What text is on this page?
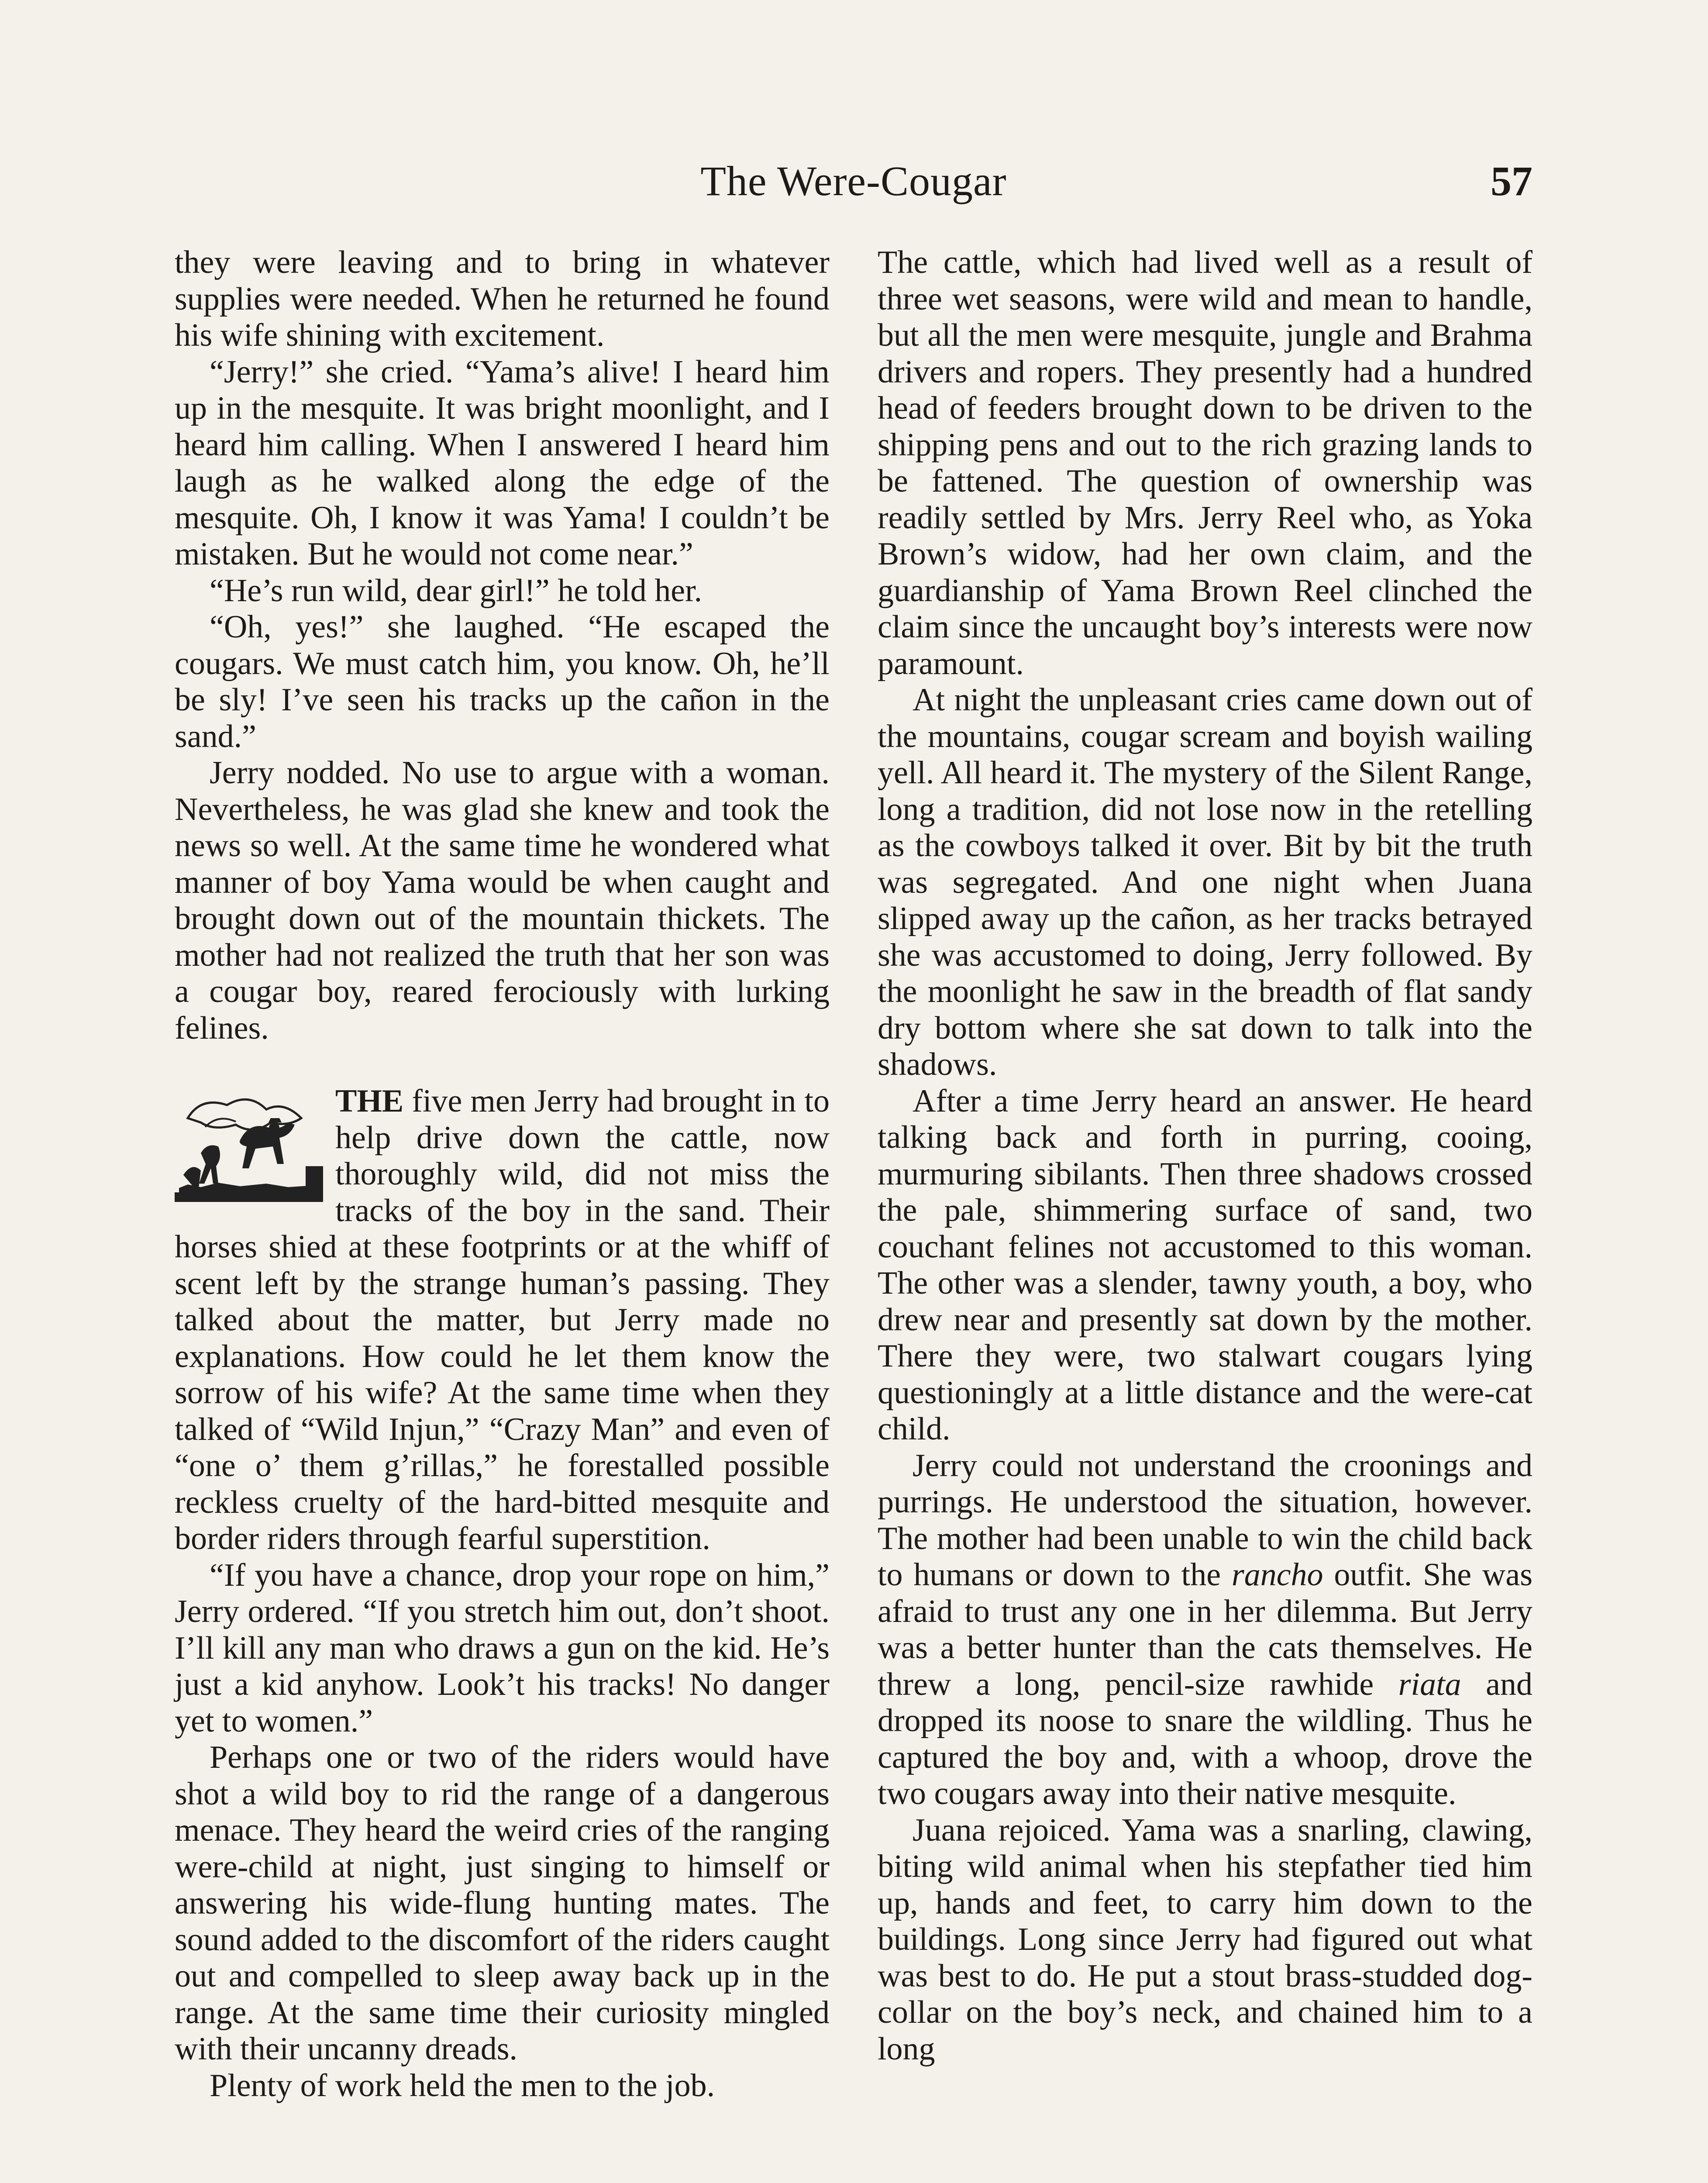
The Were-Cougar	57

they were leaving and to bring in whatever supplies were needed. When he returned he found his wife shining with excitement.

“Jerry!” she cried. “Yama’s alive! I heard him up in the mesquite. It was bright moonlight, and I heard him calling. When I answered I heard him laugh as he walked along the edge of the mesquite. Oh, I know it was Yama! I couldn’t be mistaken. But he would not come near.”

“He’s run wild, dear girl!” he told her.

“Oh, yes!” she laughed. “He escaped the cougars. We must catch him, you know. Oh, he’ll be sly! I’ve seen his tracks up the cañon in the sand.”

Jerry nodded. No use to argue with a woman. Nevertheless, he was glad she knew and took the news so well. At the same time he wondered what manner of boy Yama would be when caught and brought down out of the mountain thickets. The mother had not realized the truth that her son was a cougar boy, reared ferociously with lurking felines.

THE five men Jerry had brought in to help drive down the cattle, now thoroughly wild, did not miss the tracks of the boy in the sand. Their horses shied at these footprints or at the whiff of scent left by the strange human’s passing. They talked about the matter, but Jerry made no explanations. How could he let them know the sorrow of his wife? At the same time when they talked of “Wild Injun,” “Crazy Man” and even of “one o’ them g’rillas,” he forestalled possible reckless cruelty of the hard-bitted mesquite and border riders through fearful superstition.

“If you have a chance, drop your rope on him,” Jerry ordered. “If you stretch him out, don’t shoot. I’ll kill any man who draws a gun on the kid. He’s just a kid anyhow. Look’t his tracks! No danger yet to women.”

Perhaps one or two of the riders would have shot a wild boy to rid the range of a dangerous menace. They heard the weird cries of the ranging were-child at night, just singing to himself or answering his wide-flung hunting mates. The sound added to the discomfort of the riders caught out and compelled to sleep away back up in the range. At the same time their curiosity mingled with their uncanny dreads.

Plenty of work held the men to the job.

The cattle, which had lived well as a result of three wet seasons, were wild and mean to handle, but all the men were mesquite, jungle and Brahma drivers and ropers. They presently had a hundred head of feeders brought down to be driven to the shipping pens and out to the rich grazing lands to be fattened. The question of ownership was readily settled by Mrs. Jerry Reel who, as Yoka Brown’s widow, had her own claim, and the guardianship of Yama Brown Reel clinched the claim since the uncaught boy’s interests were now paramount.

At night the unpleasant cries came down out of the mountains, cougar scream and boyish wailing yell. All heard it. The mystery of the Silent Range, long a tradition, did not lose now in the retelling as the cowboys talked it over. Bit by bit the truth was segregated. And one night when Juana slipped away up the cañon, as her tracks betrayed she was accustomed to doing, Jerry followed. By the moonlight he saw in the breadth of flat sandy dry bottom where she sat down to talk into the shadows.

After a time Jerry heard an answer. He heard talking back and forth in purring, cooing, murmuring sibilants. Then three shadows crossed the pale, shimmering surface of sand, two couchant felines not accustomed to this woman. The other was a slender, tawny youth, a boy, who drew near and presently sat down by the mother. There they were, two stalwart cougars lying questioningly at a little distance and the were-cat child.

Jerry could not understand the croonings and purrings. He understood the situation, however. The mother had been unable to win the child back to humans or down to the rancho outfit. She was afraid to trust any one in her dilemma. But Jerry was a better hunter than the cats themselves. He threw a long, pencil-size rawhide riata and dropped its noose to snare the wildling. Thus he captured the boy and, with a whoop, drove the two cougars away into their native mesquite.

Juana rejoiced. Yama was a snarling, clawing, biting wild animal when his stepfather tied him up, hands and feet, to carry him down to the buildings. Long since Jerry had figured out what was best to do. He put a stout brass-studded dog-collar on the boy’s neck, and chained him to a long
